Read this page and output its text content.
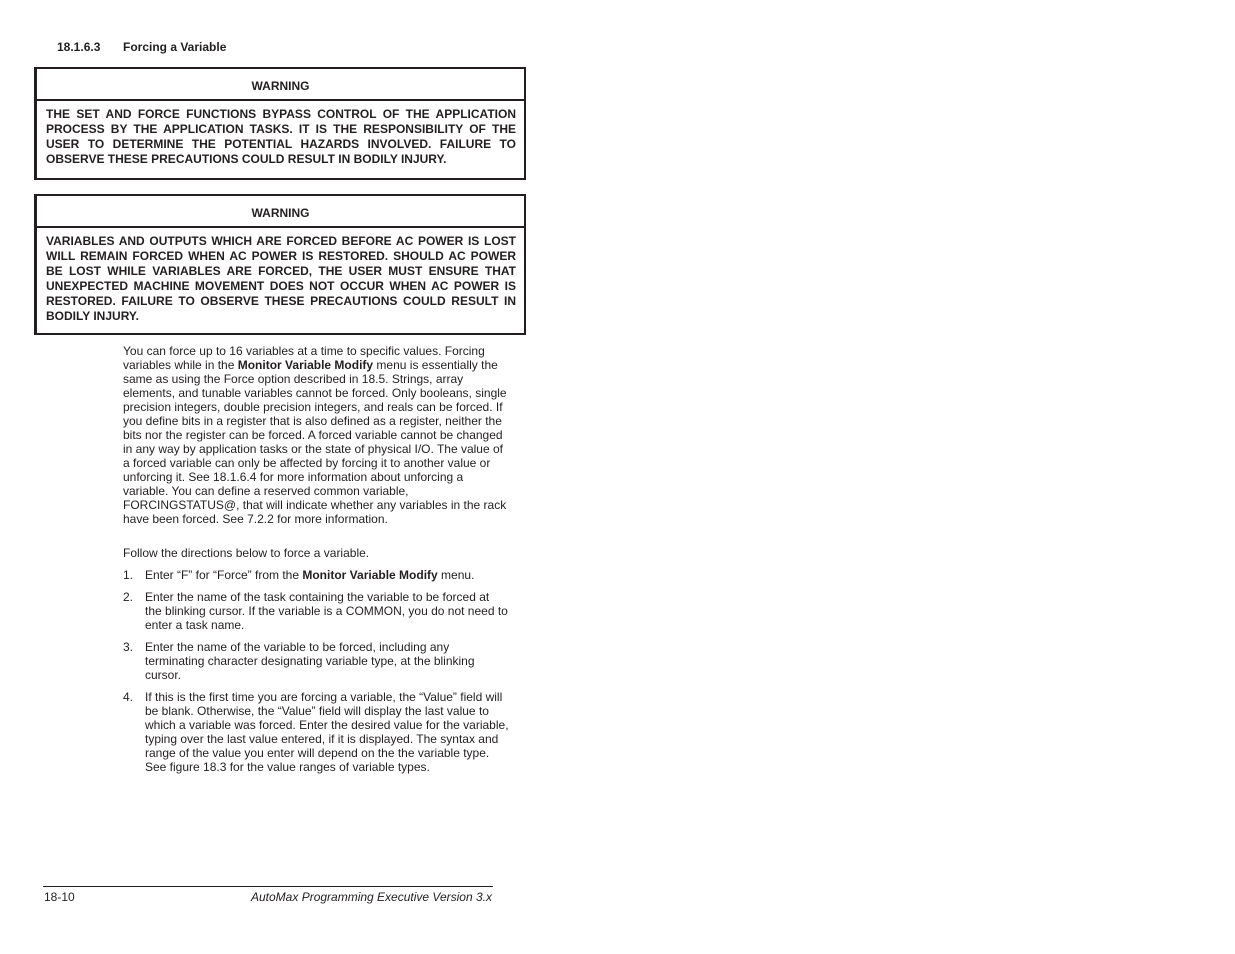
18.1.6.3 Forcing a Variable
WARNING
THE SET AND FORCE FUNCTIONS BYPASS CONTROL OF THE APPLICATION PROCESS BY THE APPLICATION TASKS. IT IS THE RESPONSIBILITY OF THE USER TO DETERMINE THE POTENTIAL HAZARDS INVOLVED. FAILURE TO OBSERVE THESE PRECAUTIONS COULD RESULT IN BODILY INJURY.
WARNING
VARIABLES AND OUTPUTS WHICH ARE FORCED BEFORE AC POWER IS LOST WILL REMAIN FORCED WHEN AC POWER IS RESTORED. SHOULD AC POWER BE LOST WHILE VARIABLES ARE FORCED, THE USER MUST ENSURE THAT UNEXPECTED MACHINE MOVEMENT DOES NOT OCCUR WHEN AC POWER IS RESTORED. FAILURE TO OBSERVE THESE PRECAUTIONS COULD RESULT IN BODILY INJURY.
You can force up to 16 variables at a time to specific values. Forcing variables while in the Monitor Variable Modify menu is essentially the same as using the Force option described in 18.5. Strings, array elements, and tunable variables cannot be forced. Only booleans, single precision integers, double precision integers, and reals can be forced. If you define bits in a register that is also defined as a register, neither the bits nor the register can be forced. A forced variable cannot be changed in any way by application tasks or the state of physical I/O. The value of a forced variable can only be affected by forcing it to another value or unforcing it. See 18.1.6.4 for more information about unforcing a variable. You can define a reserved common variable, FORCINGSTATUS@, that will indicate whether any variables in the rack have been forced. See 7.2.2 for more information.
Follow the directions below to force a variable.
1. Enter “F” for “Force” from the Monitor Variable Modify menu.
2. Enter the name of the task containing the variable to be forced at the blinking cursor. If the variable is a COMMON, you do not need to enter a task name.
3. Enter the name of the variable to be forced, including any terminating character designating variable type, at the blinking cursor.
4. If this is the first time you are forcing a variable, the “Value” field will be blank. Otherwise, the “Value” field will display the last value to which a variable was forced. Enter the desired value for the variable, typing over the last value entered, if it is displayed. The syntax and range of the value you enter will depend on the the variable type. See figure 18.3 for the value ranges of variable types.
18-10	AutoMax Programming Executive Version 3.x
